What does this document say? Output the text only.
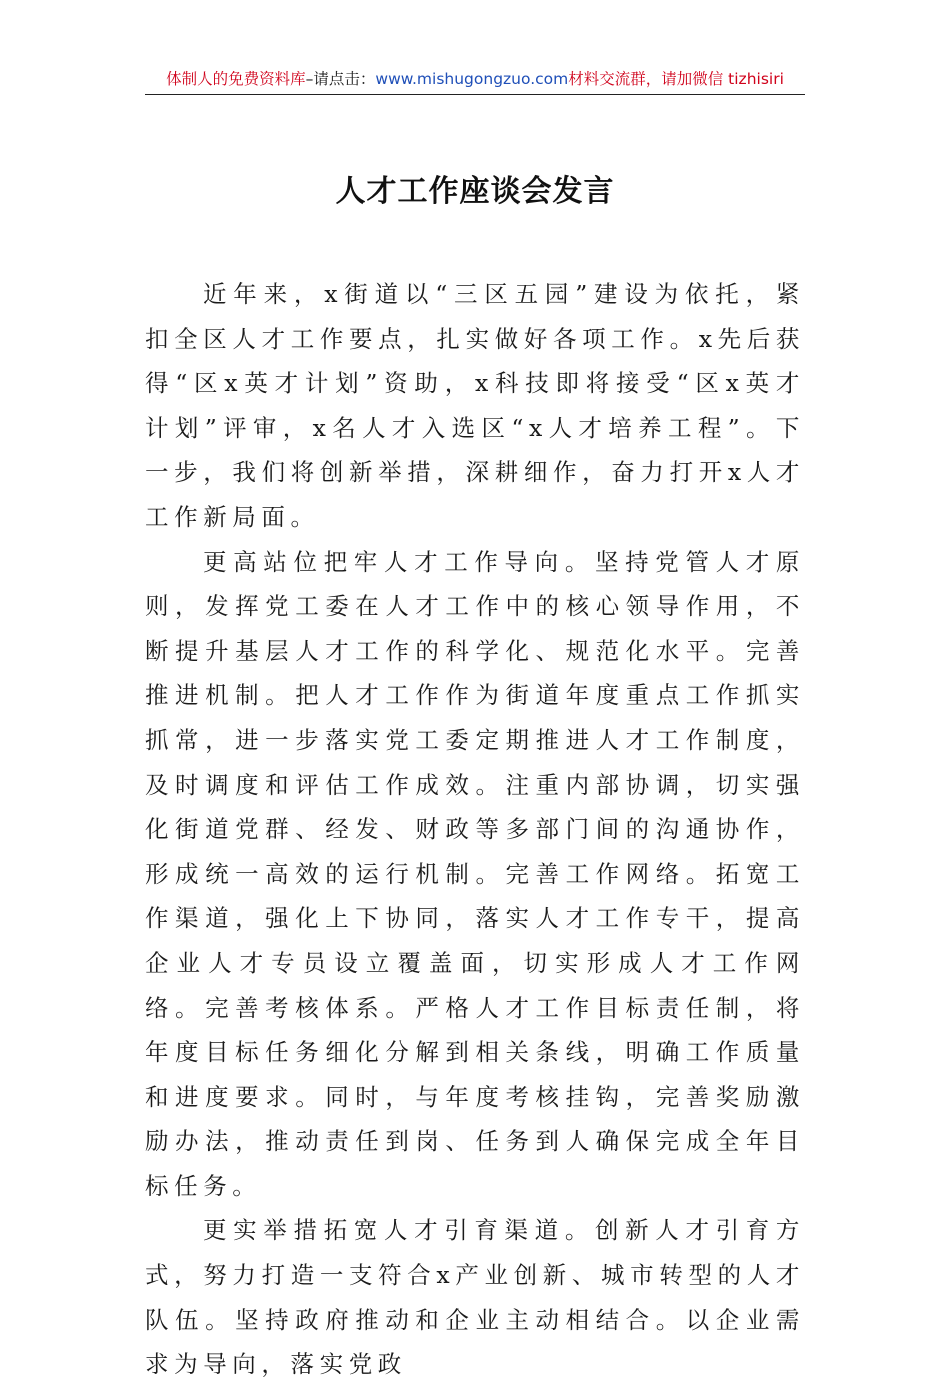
体制人的免费资料库–请点击：www.mishugongzuo.com材料交流群，请加微信 tizhisiri
人才工作座谈会发言

近年来，x街道以“三区五园”建设为依托，紧扣全区人才工作要点，扎实做好各项工作。x先后获得“区x英才计划”资助，x科技即将接受“区x英才计划”评审，x名人才入选区“x人才培养工程”。下一步，我们将创新举措，深耕细作，奋力打开x人才工作新局面。

更高站位把牢人才工作导向。坚持党管人才原则，发挥党工委在人才工作中的核心领导作用，不断提升基层人才工作的科学化、规范化水平。完善推进机制。把人才工作作为街道年度重点工作抓实抓常，进一步落实党工委定期推进人才工作制度，及时调度和评估工作成效。注重内部协调，切实强化街道党群、经发、财政等多部门间的沟通协作，形成统一高效的运行机制。完善工作网络。拓宽工作渠道，强化上下协同，落实人才工作专干，提高企业人才专员设立覆盖面，切实形成人才工作网络。完善考核体系。严格人才工作目标责任制，将年度目标任务细化分解到相关条线，明确工作质量和进度要求。同时，与年度考核挂钩，完善奖励激励办法，推动责任到岗、任务到人确保完成全年目标任务。

更实举措拓宽人才引育渠道。创新人才引育方式，努力打造一支符合x产业创新、城市转型的人才队伍。坚持政府推动和企业主动相结合。以企业需求为导向，落实党政
